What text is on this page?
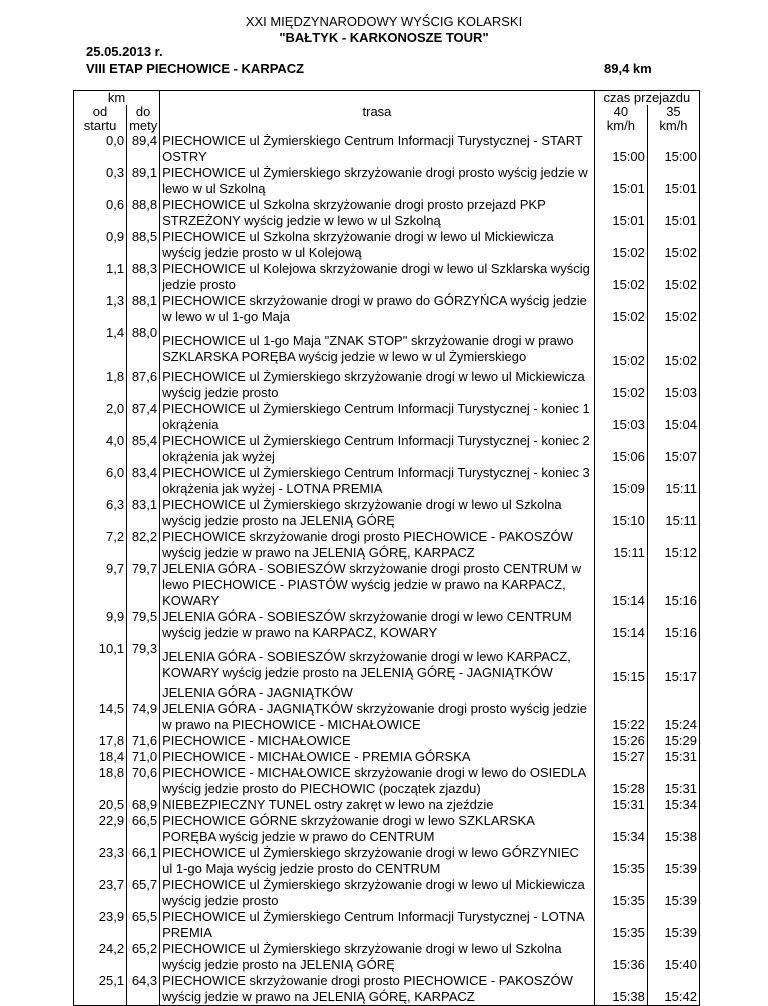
XXI MIĘDZYNARODOWY WYŚCIG KOLARSKI
"BAŁTYK - KARKONOSZE TOUR"
25.05.2013 r.
VIII ETAP PIECHOWICE - KARPACZ	89,4 km
km		trasa	czas przejazdu	
od	do		40	35
startu	mety		km/h	km/h
0,0	89,4	PIECHOWICE ul Żymierskiego Centrum Informacji Turystycznej - START OSTRY	15:00	15:00
0,3	89,1	PIECHOWICE ul Żymierskiego skrzyżowanie drogi prosto wyścig jedzie w lewo w ul Szkolną	15:01	15:01
0,6	88,8	PIECHOWICE ul Szkolna skrzyżowanie drogi prosto przejazd PKP STRZEŻONY wyścig jedzie w lewo w ul Szkolną	15:01	15:01
0,9	88,5	PIECHOWICE ul Szkolna skrzyżowanie drogi w lewo ul Mickiewicza wyścig jedzie prosto w ul Kolejową	15:02	15:02
1,1	88,3	PIECHOWICE ul Kolejowa skrzyżowanie drogi w lewo ul Szklarska wyścig jedzie prosto	15:02	15:02
1,3	88,1	PIECHOWICE skrzyżowanie drogi w prawo do GÓRZYŃCA wyścig jedzie w lewo w ul 1-go Maja	15:02	15:02
1,4	88,0	PIECHOWICE ul 1-go Maja "ZNAK STOP" skrzyżowanie drogi w prawo SZKLARSKA PORĘBA wyścig jedzie w lewo w ul Żymierskiego	15:02	15:02
1,8	87,6	PIECHOWICE ul Żymierskiego skrzyżowanie drogi w lewo ul Mickiewicza wyścig jedzie prosto	15:02	15:03
2,0	87,4	PIECHOWICE ul Żymierskiego Centrum Informacji Turystycznej - koniec 1 okrążenia	15:03	15:04
4,0	85,4	PIECHOWICE ul Żymierskiego Centrum Informacji Turystycznej - koniec 2 okrążenia jak wyżej	15:06	15:07
6,0	83,4	PIECHOWICE ul Żymierskiego Centrum Informacji Turystycznej - koniec 3 okrążenia jak wyżej - LOTNA PREMIA	15:09	15:11
6,3	83,1	PIECHOWICE ul Żymierskiego skrzyżowanie drogi w lewo ul Szkolna wyścig jedzie prosto na JELENIĄ GÓRĘ	15:10	15:11
7,2	82,2	PIECHOWICE skrzyżowanie drogi prosto PIECHOWICE - PAKOSZÓW wyścig jedzie w prawo na JELENIĄ GÓRĘ, KARPACZ	15:11	15:12
9,7	79,7	JELENIA GÓRA - SOBIESZÓW skrzyżowanie drogi prosto CENTRUM w lewo PIECHOWICE - PIASTÓW wyścig jedzie w prawo na KARPACZ, KOWARY	15:14	15:16
9,9	79,5	JELENIA GÓRA - SOBIESZÓW skrzyżowanie drogi w lewo CENTRUM wyścig jedzie w prawo na KARPACZ, KOWARY	15:14	15:16
10,1	79,3	JELENIA GÓRA - SOBIESZÓW skrzyżowanie drogi w lewo KARPACZ, KOWARY wyścig jedzie prosto na JELENIĄ GÓRĘ - JAGNIĄTKÓW	15:15	15:17
		JELENIA GÓRA - JAGNIĄTKÓW		
14,5	74,9	JELENIA GÓRA - JAGNIĄTKÓW skrzyżowanie drogi prosto wyścig jedzie w prawo na PIECHOWICE - MICHAŁOWICE	15:22	15:24
17,8	71,6	PIECHOWICE - MICHAŁOWICE	15:26	15:29
18,4	71,0	PIECHOWICE - MICHAŁOWICE - PREMIA GÓRSKA	15:27	15:31
18,8	70,6	PIECHOWICE - MICHAŁOWICE skrzyżowanie drogi w lewo do OSIEDLA wyścig jedzie prosto do PIECHOWIC (początek zjazdu)	15:28	15:31
20,5	68,9	NIEBEZPIECZNY TUNEL ostry zakręt w lewo na zjeździe	15:31	15:34
22,9	66,5	PIECHOWICE GÓRNE skrzyżowanie drogi w lewo SZKLARSKA PORĘBA wyścig jedzie w prawo do CENTRUM	15:34	15:38
23,3	66,1	PIECHOWICE ul Żymierskiego skrzyżowanie drogi w lewo GÓRZYNIEC ul 1-go Maja wyścig jedzie prosto do CENTRUM	15:35	15:39
23,7	65,7	PIECHOWICE ul Żymierskiego skrzyżowanie drogi w lewo ul Mickiewicza wyścig jedzie prosto	15:35	15:39
23,9	65,5	PIECHOWICE ul Żymierskiego Centrum Informacji Turystycznej - LOTNA PREMIA	15:35	15:39
24,2	65,2	PIECHOWICE ul Żymierskiego skrzyżowanie drogi w lewo ul Szkolna wyścig jedzie prosto na JELENIĄ GÓRĘ	15:36	15:40
25,1	64,3	PIECHOWICE skrzyżowanie drogi prosto PIECHOWICE - PAKOSZÓW wyścig jedzie w prawo na JELENIĄ GÓRĘ, KARPACZ	15:38	15:42
